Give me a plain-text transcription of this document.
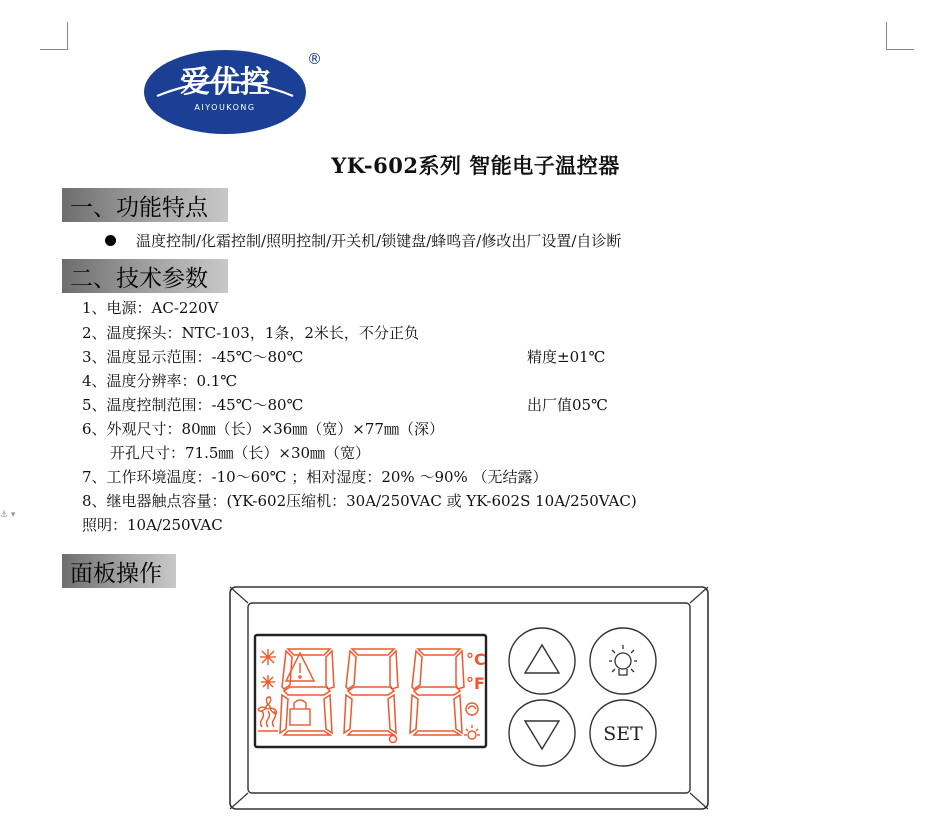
⚓ ▾
爱优控
AIYOUKONG
®
YK-602系列 智能电子温控器
一、功能特点
温度控制/化霜控制/照明控制/开关机/锁键盘/蜂鸣音/修改出厂设置/自诊断
二、技术参数
1、电源：AC-220V
2、温度探头：NTC-103，1条，2米长，不分正负
3、温度显示范围：-45℃～80℃	精度±01℃
4、温度分辨率：0.1℃
5、温度控制范围：-45℃～80℃	出厂值05℃
6、外观尺寸：80㎜（长）×36㎜（宽）×77㎜（深）
开孔尺寸：71.5㎜（长）×30㎜（宽）
7、工作环境温度：-10～60℃ ；相对湿度：20% ～90% （无结露）
8、继电器触点容量：(YK-602压缩机：30A/250VAC 或 YK-602S 10A/250VAC)
照明：10A/250VAC
面板操作
°C
°F
SET
